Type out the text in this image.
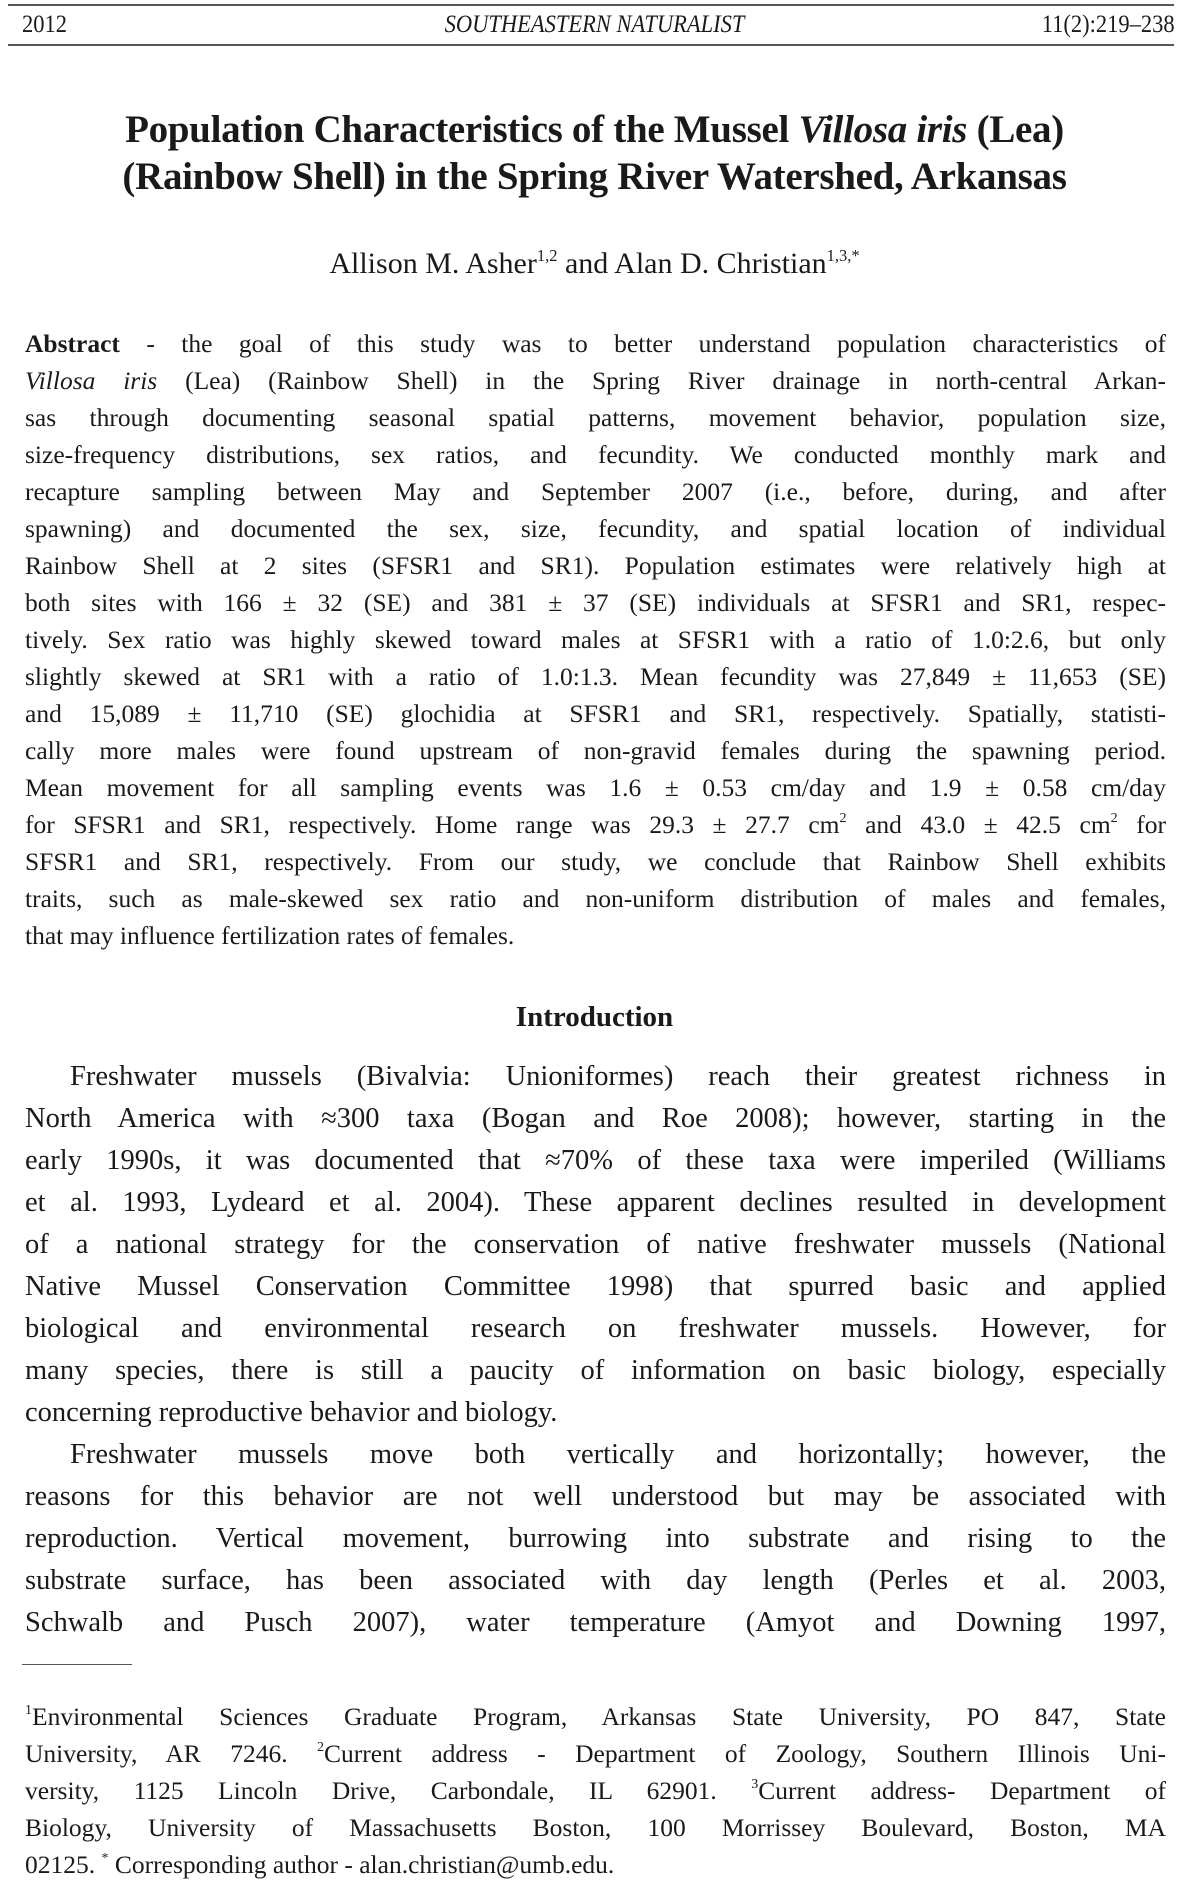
2012	SOUTHEASTERN NATURALIST	11(2):219–238
Population Characteristics of the Mussel Villosa iris (Lea)
(Rainbow Shell) in the Spring River Watershed, Arkansas
Allison M. Asher$^{1,2}$ and Alan D. Christian$^{1,3,*}$
Abstract - the goal of this study was to better understand population characteristics of
Villosa iris (Lea) (Rainbow Shell) in the Spring River drainage in north-central Arkan-
sas through documenting seasonal spatial patterns, movement behavior, population size,
size-frequency distributions, sex ratios, and fecundity. We conducted monthly mark and
recapture sampling between May and September 2007 (i.e., before, during, and after
spawning) and documented the sex, size, fecundity, and spatial location of individual
Rainbow Shell at 2 sites (SFSR1 and SR1). Population estimates were relatively high at
both sites with 166 ± 32 (SE) and 381 ± 37 (SE) individuals at SFSR1 and SR1, respec-
tively. Sex ratio was highly skewed toward males at SFSR1 with a ratio of 1.0:2.6, but only
slightly skewed at SR1 with a ratio of 1.0:1.3. Mean fecundity was 27,849 ± 11,653 (SE)
and 15,089 ± 11,710 (SE) glochidia at SFSR1 and SR1, respectively. Spatially, statisti-
cally more males were found upstream of non-gravid females during the spawning period.
Mean movement for all sampling events was 1.6 ± 0.53 cm/day and 1.9 ± 0.58 cm/day
for SFSR1 and SR1, respectively. Home range was 29.3 ± 27.7 $cm^2$ and 43.0 ± 42.5 $cm^2$ for
SFSR1 and SR1, respectively. From our study, we conclude that Rainbow Shell exhibits
traits, such as male-skewed sex ratio and non-uniform distribution of males and females,
that may influence fertilization rates of females.
Introduction
Freshwater mussels (Bivalvia: Unioniformes) reach their greatest richness in
North America with ≈300 taxa (Bogan and Roe 2008); however, starting in the
early 1990s, it was documented that ≈70% of these taxa were imperiled (Williams
et al. 1993, Lydeard et al. 2004). These apparent declines resulted in development
of a national strategy for the conservation of native freshwater mussels (National
Native Mussel Conservation Committee 1998) that spurred basic and applied
biological and environmental research on freshwater mussels. However, for
many species, there is still a paucity of information on basic biology, especially
concerning reproductive behavior and biology.
Freshwater mussels move both vertically and horizontally; however, the
reasons for this behavior are not well understood but may be associated with
reproduction. Vertical movement, burrowing into substrate and rising to the
substrate surface, has been associated with day length (Perles et al. 2003,
Schwalb and Pusch 2007), water temperature (Amyot and Downing 1997,
$^1$Environmental Sciences Graduate Program, Arkansas State University, PO 847, State
University, AR 7246. $^2$Current address - Department of Zoology, Southern Illinois Uni-
versity, 1125 Lincoln Drive, Carbondale, IL 62901. $^3$Current address- Department of
Biology, University of Massachusetts Boston, 100 Morrissey Boulevard, Boston, MA
02125. * Corresponding author - alan.christian@umb.edu.
